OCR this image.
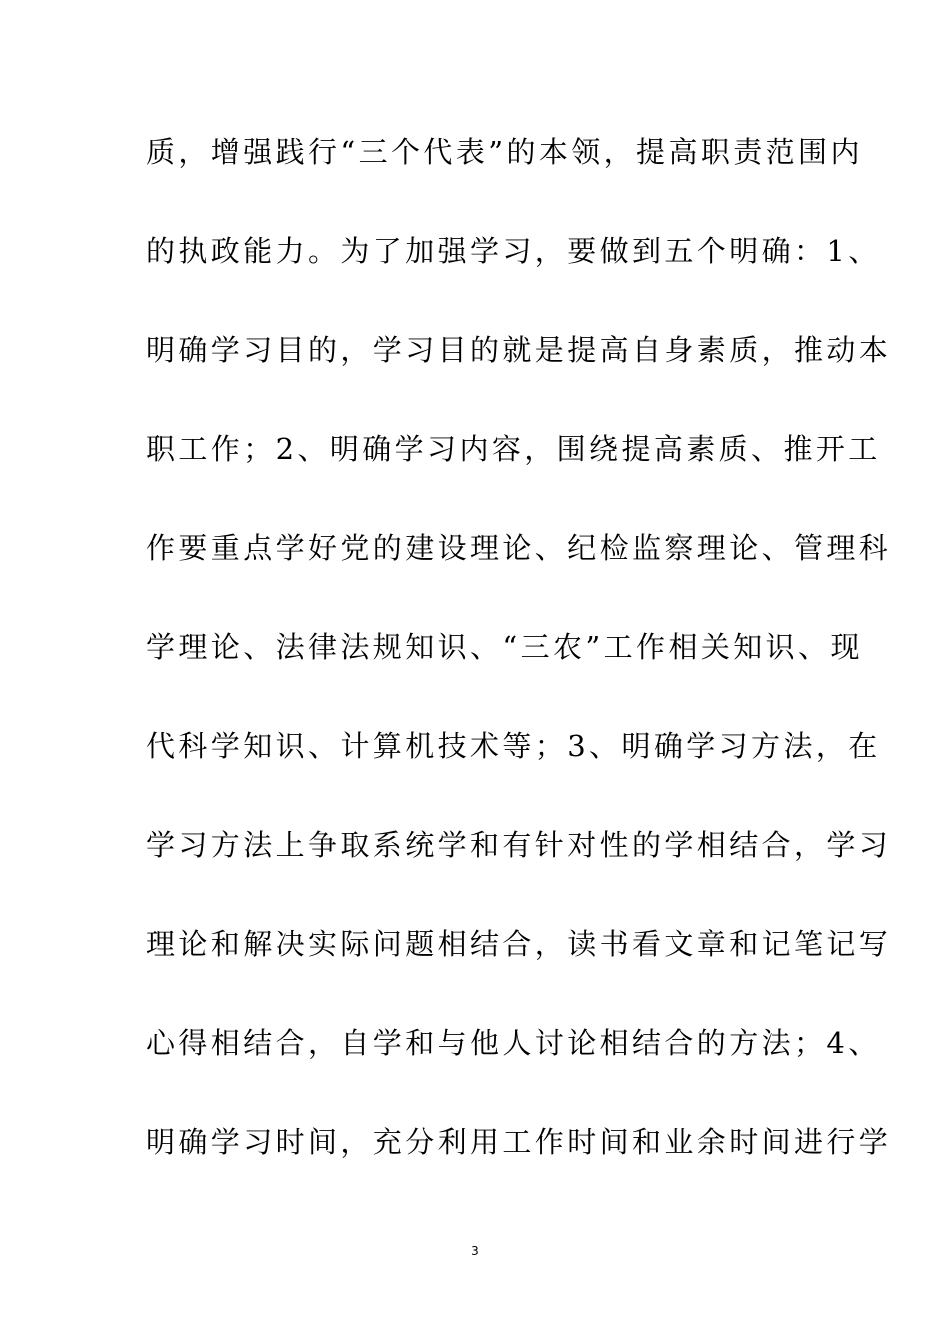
质，增强践行“三个代表”的本领，提高职责范围内
的执政能力。为了加强学习，要做到五个明确：1、
明确学习目的，学习目的就是提高自身素质，推动本
职工作；2、明确学习内容，围绕提高素质、推开工
作要重点学好党的建设理论、纪检监察理论、管理科
学理论、法律法规知识、“三农”工作相关知识、现
代科学知识、计算机技术等；3、明确学习方法，在
学习方法上争取系统学和有针对性的学相结合，学习
理论和解决实际问题相结合，读书看文章和记笔记写
心得相结合，自学和与他人讨论相结合的方法；4、
明确学习时间，充分利用工作时间和业余时间进行学
3
